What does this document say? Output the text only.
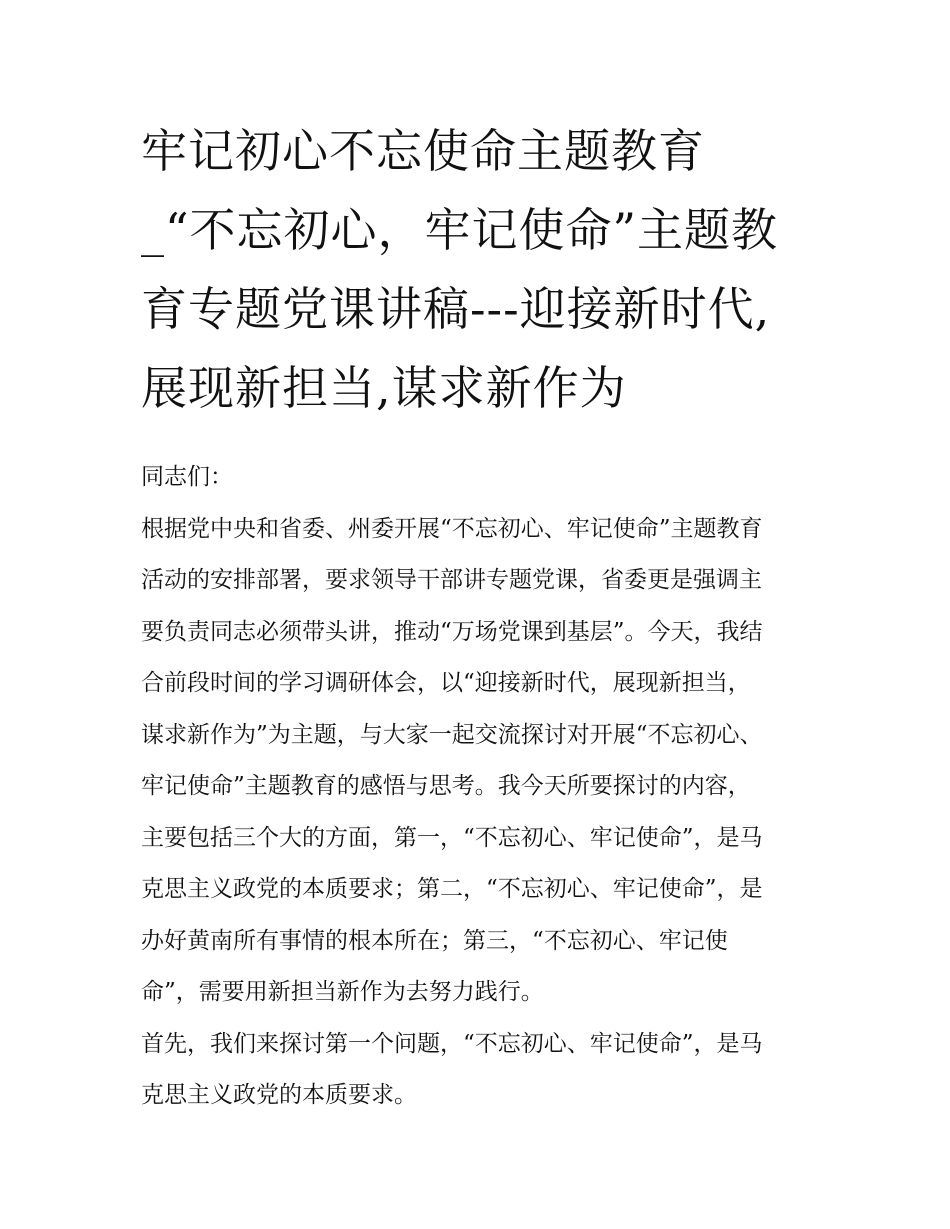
牢记初心不忘使命主题教育
_“不忘初心，牢记使命”主题教
育专题党课讲稿---迎接新时代,
展现新担当,谋求新作为
同志们：
根据党中央和省委、州委开展“不忘初心、牢记使命”主题教育
活动的安排部署，要求领导干部讲专题党课，省委更是强调主
要负责同志必须带头讲，推动“万场党课到基层”。今天，我结
合前段时间的学习调研体会，以“迎接新时代，展现新担当，
谋求新作为”为主题，与大家一起交流探讨对开展“不忘初心、
牢记使命”主题教育的感悟与思考。我今天所要探讨的内容，
主要包括三个大的方面，第一，“不忘初心、牢记使命”，是马
克思主义政党的本质要求；第二，“不忘初心、牢记使命”，是
办好黄南所有事情的根本所在；第三，“不忘初心、牢记使
命”，需要用新担当新作为去努力践行。
首先，我们来探讨第一个问题，“不忘初心、牢记使命”，是马
克思主义政党的本质要求。
